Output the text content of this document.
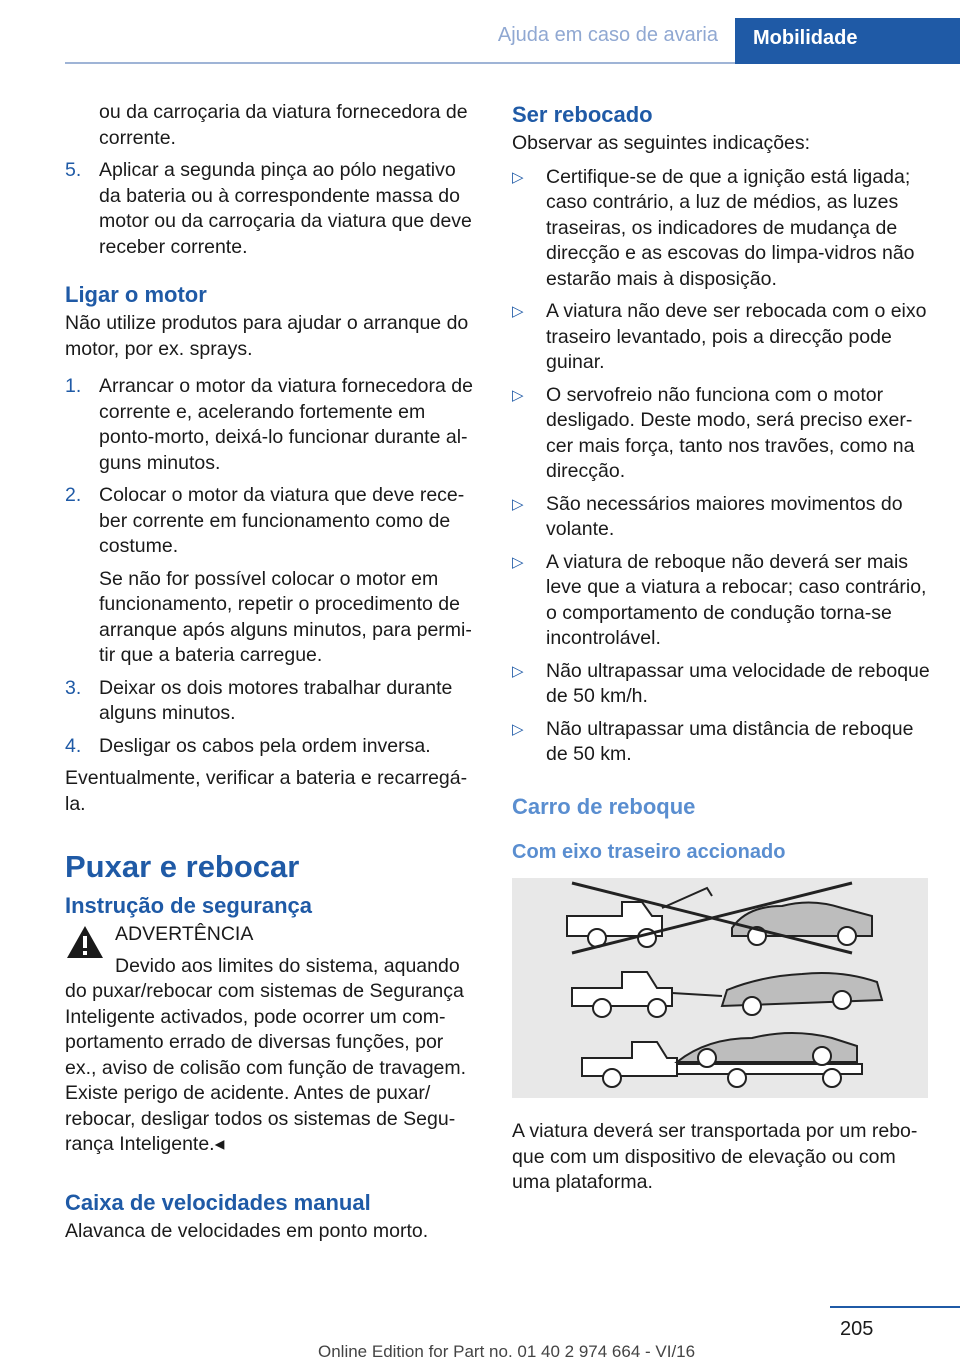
Ajuda em caso de avaria	Mobilidade

ou da carroçaria da viatura fornecedora de corrente.

5. Aplicar a segunda pinça ao pólo negativo da bateria ou à correspondente massa do motor ou da carroçaria da viatura que deve receber corrente.
Ligar o motor

Não utilize produtos para ajudar o arranque do motor, por ex. sprays.

1. Arrancar o motor da viatura fornecedora de corrente e, acelerando fortemente em ponto-morto, deixá-lo funcionar durante alguns minutos.
2. Colocar o motor da viatura que deve receber corrente em funcionamento como de costume.

Se não for possível colocar o motor em funcionamento, repetir o procedimento de arranque após alguns minutos, para permitir que a bateria carregue.

3. Deixar os dois motores trabalhar durante alguns minutos.
4. Desligar os cabos pela ordem inversa.

Eventualmente, verificar a bateria e recarregá-la.

Puxar e rebocar
Instrução de segurança

ADVERTÊNCIA

Devido aos limites do sistema, aquando do puxar/rebocar com sistemas de Segurança Inteligente activados, pode ocorrer um comportamento errado de diversas funções, por ex., aviso de colisão com função de travagem. Existe perigo de acidente. Antes de puxar/ rebocar, desligar todos os sistemas de Segurança Inteligente.◂

Caixa de velocidades manual

Alavanca de velocidades em ponto morto.

Ser rebocado

Observar as seguintes indicações:

▷	Certifique-se de que a ignição está ligada; caso contrário, a luz de médios, as luzes traseiras, os indicadores de mudança de direcção e as escovas do limpa-vidros não estarão mais à disposição.
▷	A viatura não deve ser rebocada com o eixo traseiro levantado, pois a direcção pode guinar.
▷	O servofreio não funciona com o motor desligado. Deste modo, será preciso exercer mais força, tanto nos travões, como na direcção.
▷	São necessários maiores movimentos do volante.
▷	A viatura de reboque não deverá ser mais leve que a viatura a rebocar; caso contrário, o comportamento de condução torna-se incontrolável.
▷	Não ultrapassar uma velocidade de reboque de 50 km/h.
▷	Não ultrapassar uma distância de reboque de 50 km.
Carro de reboque
Com eixo traseiro accionado

A viatura deverá ser transportada por um reboque com um dispositivo de elevação ou com uma plataforma.

205
Online Edition for Part no. 01 40 2 974 664 - VI/16
